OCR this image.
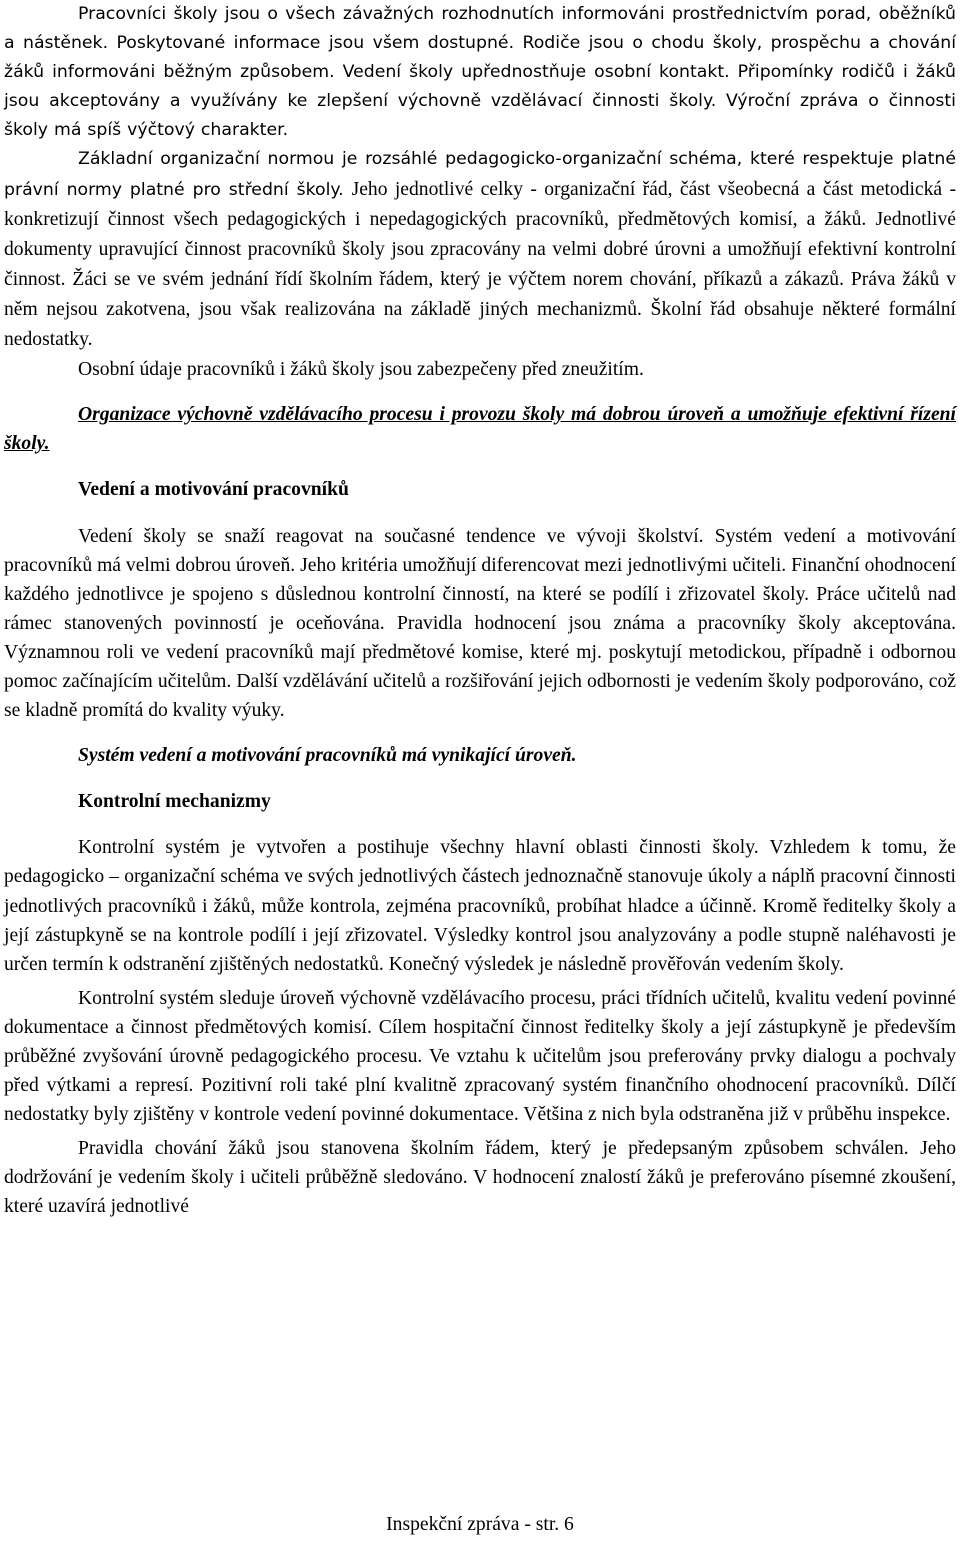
Pracovníci školy jsou o všech závažných rozhodnutích informováni prostřednictvím porad, oběžníků a nástěnek. Poskytované informace jsou všem dostupné. Rodiče jsou o chodu školy, prospěchu a chování žáků informováni běžným způsobem. Vedení školy upřednostňuje osobní kontakt. Připomínky rodičů i žáků jsou akceptovány a využívány ke zlepšení výchovně vzdělávací činnosti školy. Výroční zpráva o činnosti školy má spíš výčtový charakter.

Základní organizační normou je rozsáhlé pedagogicko-organizační schéma, které respektuje platné právní normy platné pro střední školy. Jeho jednotlivé celky - organizační řád, část všeobecná a část metodická - konkretizují činnost všech pedagogických i nepedagogických pracovníků, předmětových komisí, a žáků. Jednotlivé dokumenty upravující činnost pracovníků školy jsou zpracovány na velmi dobré úrovni a umožňují efektivní kontrolní činnost. Žáci se ve svém jednání řídí školním řádem, který je výčtem norem chování, příkazů a zákazů. Práva žáků v něm nejsou zakotvena, jsou však realizována na základě jiných mechanizmů. Školní řád obsahuje některé formální nedostatky.

Osobní údaje pracovníků i žáků školy jsou zabezpečeny před zneužitím.

Organizace výchovně vzdělávacího procesu i provozu školy má dobrou úroveň a umožňuje efektivní řízení školy.

Vedení a motivování pracovníků

Vedení školy se snaží reagovat na současné tendence ve vývoji školství. Systém vedení a motivování pracovníků má velmi dobrou úroveň. Jeho kritéria umožňují diferencovat mezi jednotlivými učiteli. Finanční ohodnocení každého jednotlivce je spojeno s důslednou kontrolní činností, na které se podílí i zřizovatel školy. Práce učitelů nad rámec stanovených povinností je oceňována. Pravidla hodnocení jsou známa a pracovníky školy akceptována. Významnou roli ve vedení pracovníků mají předmětové komise, které mj. poskytují metodickou, případně i odbornou pomoc začínajícím učitelům. Další vzdělávání učitelů a rozšiřování jejich odbornosti je vedením školy podporováno, což se kladně promítá do kvality výuky.

Systém vedení a motivování pracovníků má vynikající úroveň.

Kontrolní mechanizmy

Kontrolní systém je vytvořen a postihuje všechny hlavní oblasti činnosti školy. Vzhledem k tomu, že pedagogicko – organizační schéma ve svých jednotlivých částech jednoznačně stanovuje úkoly a náplň pracovní činnosti jednotlivých pracovníků i žáků, může kontrola, zejména pracovníků, probíhat hladce a účinně. Kromě ředitelky školy a její zástupkyně se na kontrole podílí i její zřizovatel. Výsledky kontrol jsou analyzovány a podle stupně naléhavosti je určen termín k odstranění zjištěných nedostatků. Konečný výsledek je následně prověřován vedením školy.

Kontrolní systém sleduje úroveň výchovně vzdělávacího procesu, práci třídních učitelů, kvalitu vedení povinné dokumentace a činnost předmětových komisí. Cílem hospitační činnost ředitelky školy a její zástupkyně je především průběžné zvyšování úrovně pedagogického procesu. Ve vztahu k učitelům jsou preferovány prvky dialogu a pochvaly před výtkami a represí. Pozitivní roli také plní kvalitně zpracovaný systém finančního ohodnocení pracovníků. Dílčí nedostatky byly zjištěny v kontrole vedení povinné dokumentace. Většina z nich byla odstraněna již v průběhu inspekce.

Pravidla chování žáků jsou stanovena školním řádem, který je předepsaným způsobem schválen. Jeho dodržování je vedením školy i učiteli průběžně sledováno. V hodnocení znalostí žáků je preferováno písemné zkoušení, které uzavírá jednotlivé

Inspekční zpráva - str. 6
